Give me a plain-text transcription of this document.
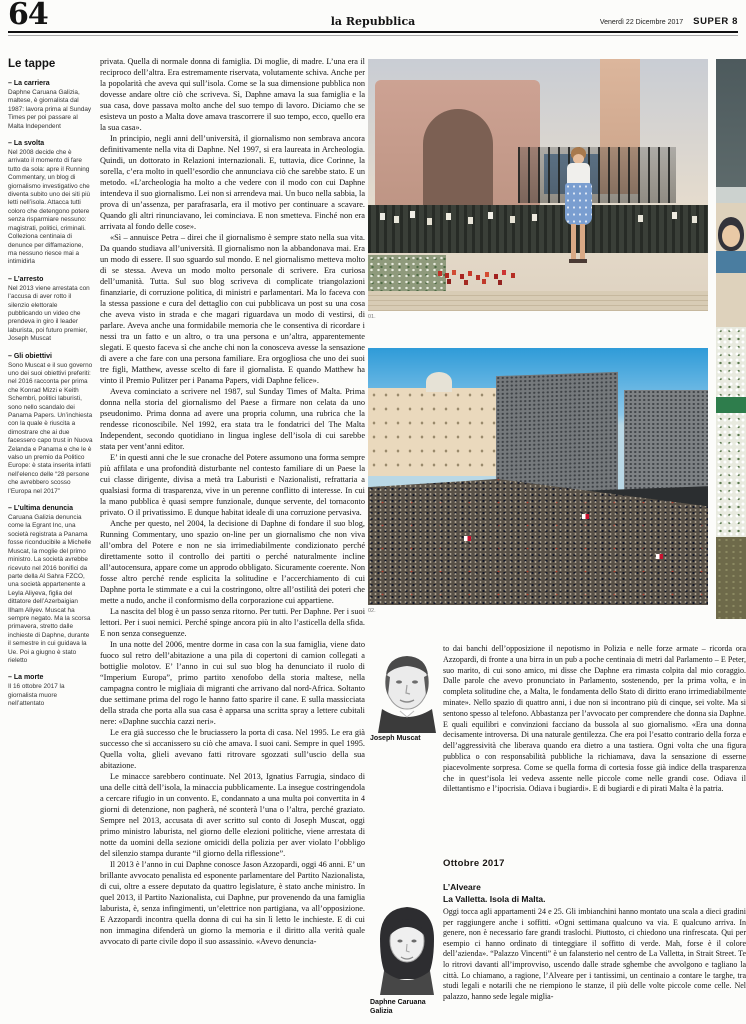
64	la Repubblica	Venerdì 22 Dicembre 2017 SUPER 8
Le tappe
– La carriera
Daphne Caruana Galizia, maltese, è giornalista dal 1987: lavora prima al Sunday Times per poi passare al Malta Independent
– La svolta
Nel 2008 decide che è arrivato il momento di fare tutto da sola: apre il Running Commentary, un blog di giornalismo investigativo che diventa subito uno dei siti più letti nell’isola. Attacca tutti coloro che detengono potere senza risparmiare nessuno: magistrati, politici, criminali. Colleziona centinaia di denunce per diffamazione, ma nessuno riesce mai a intimidirla
– L’arresto
Nel 2013 viene arrestata con l’accusa di aver rotto il silenzio elettorale pubblicando un video che prendeva in giro il leader laburista, poi futuro premier, Joseph Muscat
– Gli obiettivi
Sono Muscat e il suo governo uno dei suoi obiettivi preferiti: nel 2016 racconta per prima che Konrad Mizzi e Keith Schembri, politici laburisti, sono nello scandalo dei Panama Papers. Un’inchiesta con la quale è riuscita a dimostrare che ai due facessero capo trust in Nuova Zelanda e Panama e che le è valso un premio da Politico Europe: è stata inserita infatti nell’elenco delle “28 persone che avrebbero scosso l’Europa nel 2017”
– L’ultima denuncia
Caruana Galizia denuncia come la Egrant Inc, una società registrata a Panama fosse riconducibile a Michelle Muscat, la moglie del primo ministro. La società avrebbe ricevuto nel 2016 bonifici da parte della Al Sahra FZCO, una società appartenente a Leyla Aliyeva, figlia del dittatore dell’Azerbaigian Ilham Aliyev. Muscat ha sempre negato. Ma la scorsa primavera, stretto dalle inchieste di Daphne, durante il semestre in cui guidava la Ue. Poi a giugno è stato rieletto
– La morte
Il 16 ottobre 2017 la giornalista muore nell’attentato

privata. Quella di normale donna di famiglia. Di moglie, di madre. L’una era il reciproco dell’altra. Era estremamente riservata, volutamente schiva. Anche per la popolarità che aveva qui sull’isola. Come se la sua dimensione pubblica non dovesse andare oltre ciò che scriveva. Sì, Daphne amava la sua famiglia e la sua casa, dove passava molto anche del suo tempo di lavoro. Diciamo che se esisteva un posto a Malta dove amava trascorrere il suo tempo, ecco, quello era la sua casa».

In principio, negli anni dell’università, il giornalismo non sembrava ancora definitivamente nella vita di Daphne. Nel 1997, si era laureata in Archeologia. Quindi, un dottorato in Relazioni internazionali. E, tuttavia, dice Corinne, la sorella, c’era molto in quell’esordio che annunciava ciò che sarebbe stato. E un metodo. «L’archeologia ha molto a che vedere con il modo con cui Daphne intendeva il suo giornalismo. Lei non si arrendeva mai. Un buco nella sabbia, la prova di un’assenza, per parafrasarla, era il motivo per continuare a scavare. Quando gli altri rinunciavano, lei cominciava. E non smetteva. Finché non era arrivata al fondo delle cose».

«Sì – annuisce Petra – direi che il giornalismo è sempre stato nella sua vita. Da quando studiava all’università. Il giornalismo non la abbandonava mai. Era un modo di essere. Il suo sguardo sul mondo. E nel giornalismo metteva molto di se stessa. Aveva un modo molto personale di scrivere. Era curiosa dell’umanità. Tutta. Sul suo blog scriveva di complicate triangolazioni finanziarie, di corruzione politica, di ministri e parlamentari. Ma lo faceva con la stessa passione e cura del dettaglio con cui pubblicava un post su una cosa che aveva visto in strada e che magari riguardava un modo di vestirsi, di parlare. Aveva anche una formidabile memoria che le consentiva di ricordare i nessi tra un fatto e un altro, o tra una persona e un’altra, apparentemente slegati. E questo faceva sì che anche chi non la conosceva avesse la sensazione di avere a che fare con una persona familiare. Era orgogliosa che uno dei suoi tre figli, Matthew, avesse scelto di fare il giornalista. E quando Matthew ha vinto il Premio Pulitzer per i Panama Papers, vidi Daphne felice».

Aveva cominciato a scrivere nel 1987, sul Sunday Times of Malta. Prima donna nella storia del giornalismo del Paese a firmare non celata da uno pseudonimo. Prima donna ad avere una propria column, una rubrica che la rendesse riconoscibile. Nel 1992, era stata tra le fondatrici del The Malta Independent, secondo quotidiano in lingua inglese dell’isola di cui sarebbe stata per vent’anni editor.

E’ in questi anni che le sue cronache del Potere assumono una forma sempre più affilata e una profondità disturbante nel contesto familiare di un Paese la cui classe dirigente, divisa a metà tra Laburisti e Nazionalisti, refrattaria a qualsiasi forma di trasparenza, vive in un perenne conflitto di interesse. In cui la mano pubblica è quasi sempre funzionale, dunque servente, del tornaconto privato. O il privatissimo. E dunque habitat ideale di una corruzione pervasiva.

Anche per questo, nel 2004, la decisione di Daphne di fondare il suo blog, Running Commentary, uno spazio on-line per un giornalismo che non viva all’ombra del Potere e non ne sia irrimediabilmente condizionato perché direttamente sotto il controllo dei partiti o perché naturalmente incline all’autocensura, appare come un approdo obbligato. Sicuramente coerente. Non fosse altro perché rende esplicita la solitudine e l’accerchiamento di cui Daphne porta le stimmate e a cui la costringono, oltre all’ostilità dei poteri che mette a nudo, anche il conformismo della corporazione cui appartiene.

La nascita del blog è un passo senza ritorno. Per tutti. Per Daphne. Per i suoi lettori. Per i suoi nemici. Perché spinge ancora più in alto l’asticella della sfida. E non senza conseguenze.

In una notte del 2006, mentre dorme in casa con la sua famiglia, viene dato fuoco sul retro dell’abitazione a una pila di copertoni di camion collegati a bottiglie molotov. E’ l’anno in cui sul suo blog ha denunciato il ruolo di “Imperium Europa”, primo partito xenofobo della storia maltese, nella campagna contro le migliaia di migranti che arrivano dal nord-Africa. Soltanto due settimane prima del rogo le hanno fatto sparire il cane. E sulla massicciata della strada che porta alla sua casa è apparsa una scritta spray a lettere cubitali nere: «Daphne succhia cazzi neri».

Le era già successo che le bruciassero la porta di casa. Nel 1995. Le era già successo che si accanissero su ciò che amava. I suoi cani. Sempre in quel 1995. Quella volta, glieli avevano fatti ritrovare sgozzati sull’uscio della sua abitazione.

Le minacce sarebbero continuate. Nel 2013, Ignatius Farrugia, sindaco di una delle città dell’isola, la minaccia pubblicamente. La insegue costringendola a cercare rifugio in un convento. E, condannato a una multa poi convertita in 4 giorni di detenzione, non pagherà, né sconterà l’una o l’altra, perché graziato. Sempre nel 2013, accusata di aver scritto sul conto di Joseph Muscat, oggi primo ministro laburista, nel giorno delle elezioni politiche, viene arrestata di notte da uomini della sezione omicidi della polizia per aver violato l’obbligo del silenzio stampa durante “il giorno della riflessione”.

Il 2013 è l’anno in cui Daphne conosce Jason Azzopardi, oggi 46 anni. E’ un brillante avvocato penalista ed esponente parlamentare del Partito Nazionalista, di cui, oltre a essere deputato da quattro legislature, è stato anche ministro. In quel 2013, il Partito Nazionalista, cui Daphne, pur provenendo da una famiglia laburista, è, senza infingimenti, un’elettrice non partigiana, va all’opposizione. E Azzopardi incontra quella donna di cui ha sin lì letto le inchieste. E di cui non immagina difenderà un giorno la memoria e il diritto alla verità quale avvocato di parte civile dopo il suo assassinio. «Avevo denuncia-

01.
02.
Joseph Muscat

to dai banchi dell’opposizione il nepotismo in Polizia e nelle forze armate – ricorda ora Azzopardi, di fronte a una birra in un pub a poche centinaia di metri dal Parlamento – E Peter, suo marito, di cui sono amico, mi disse che Daphne era rimasta colpita dal mio coraggio. Dalle parole che avevo pronunciato in Parlamento, sostenendo, per la prima volta, e in completa solitudine che, a Malta, le fondamenta dello Stato di diritto erano irrimediabilmente minate». Nello spazio di quattro anni, i due non si incontrano più di cinque, sei volte. Ma si sentono spesso al telefono. Abbastanza per l’avvocato per comprendere che donna sia Daphne. E quali equilibri e convinzioni facciano da bussola al suo giornalismo. «Era una donna decisamente introversa. Di una naturale gentilezza. Che era poi l’esatto contrario della forza e dell’aggressività che liberava quando era dietro a una tastiera. Ogni volta che una figura pubblica o con responsabilità pubbliche la richiamava, dava la sensazione di esserne piacevolmente sorpresa. Come se quella forma di cortesia fosse già indice della trasparenza che in quest’isola lei vedeva assente nelle piccole come nelle grandi cose. Odiava il dilettantismo e l’ipocrisia. Odiava i bugiardi». E di bugiardi e di pirati Malta è la patria.

Daphne Caruana Galizia
Ottobre 2017
L’Alveare
La Valletta. Isola di Malta.
Oggi tocca agli appartamenti 24 e 25. Gli imbianchini hanno montato una scala a dieci gradini per raggiungere anche i soffitti. «Ogni settimana qualcuno va via. E qualcuno arriva. In genere, non è necessario fare grandi traslochi. Piuttosto, ci chiedono una rinfrescata. Qui per esempio ci hanno ordinato di tinteggiare il soffitto di verde. Mah, forse è il colore dell’azienda». “Palazzo Vincenti” è un falansterio nel centro de La Valletta, in Strait Street. Te lo ritrovi davanti all’improvviso, uscendo dalle strade sghembe che avvolgono e tagliano la città. Lo chiamano, a ragione, l’Alveare per i tantissimi, un centinaio a contare le targhe, tra studi legali e notarili che ne riempiono le stanze, il più delle volte piccole come celle. Nel palazzo, hanno sede legale miglia-
